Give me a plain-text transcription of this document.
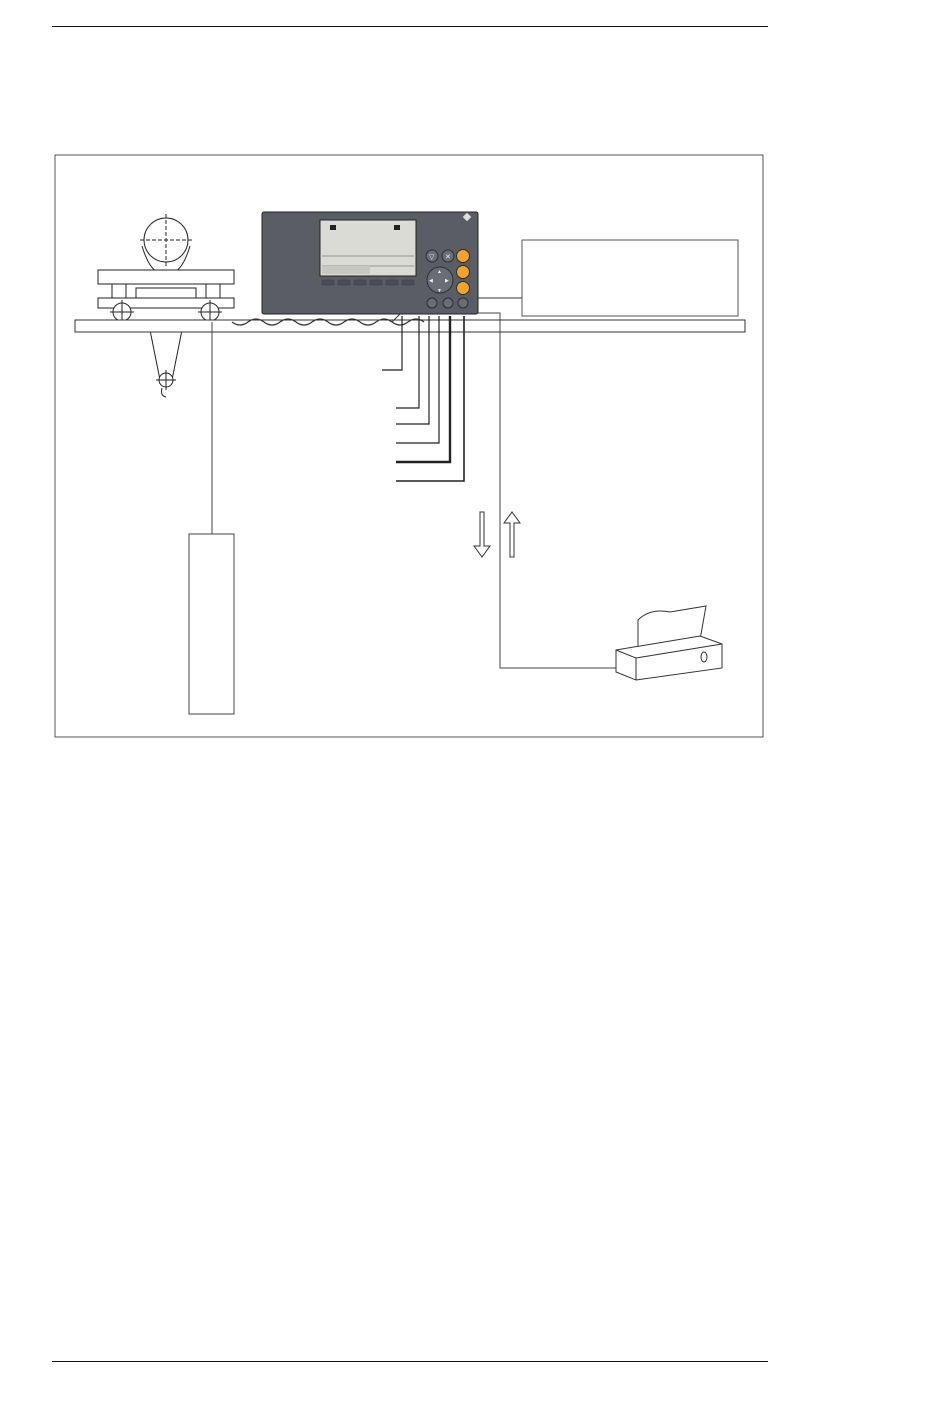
▽ ✕
▲
▼
◀ ▶
